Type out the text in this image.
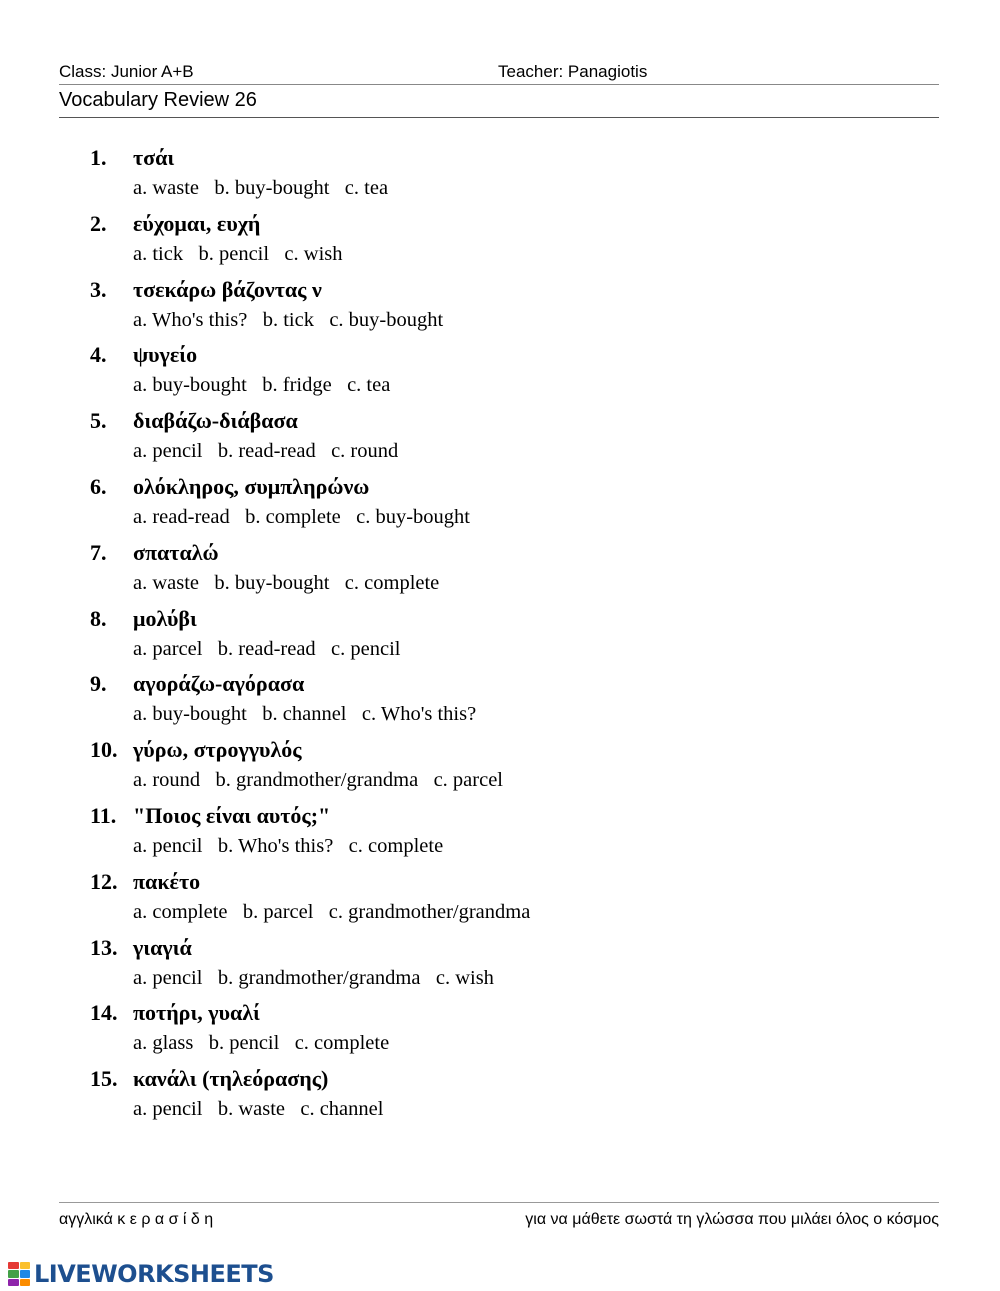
Class: Junior A+B	Teacher: Panagiotis
Vocabulary Review 26
1. τσάι
a. waste   b. buy-bought   c. tea
2. εύχομαι, ευχή
a. tick   b. pencil   c. wish
3. τσεκάρω βάζοντας ν
a. Who's this?   b. tick   c. buy-bought
4. ψυγείο
a. buy-bought   b. fridge   c. tea
5. διαβάζω-διάβασα
a. pencil   b. read-read   c. round
6. ολόκληρος, συμπληρώνω
a. read-read   b. complete   c. buy-bought
7. σπαταλώ
a. waste   b. buy-bought   c. complete
8. μολύβι
a. parcel   b. read-read   c. pencil
9. αγοράζω-αγόρασα
a. buy-bought   b. channel   c. Who's this?
10. γύρω, στρογγυλός
a. round   b. grandmother/grandma   c. parcel
11. "Ποιος είναι αυτός;"
a. pencil   b. Who's this?   c. complete
12. πακέτο
a. complete   b. parcel   c. grandmother/grandma
13. γιαγιά
a. pencil   b. grandmother/grandma   c. wish
14. ποτήρι, γυαλί
a. glass   b. pencil   c. complete
15. κανάλι (τηλεόρασης)
a. pencil   b. waste   c. channel
αγγλικά κ ε ρ α σ ί δ η	για να μάθετε σωστά τη γλώσσα που μιλάει όλος ο κόσμος
LIVEWORKSHEETS
